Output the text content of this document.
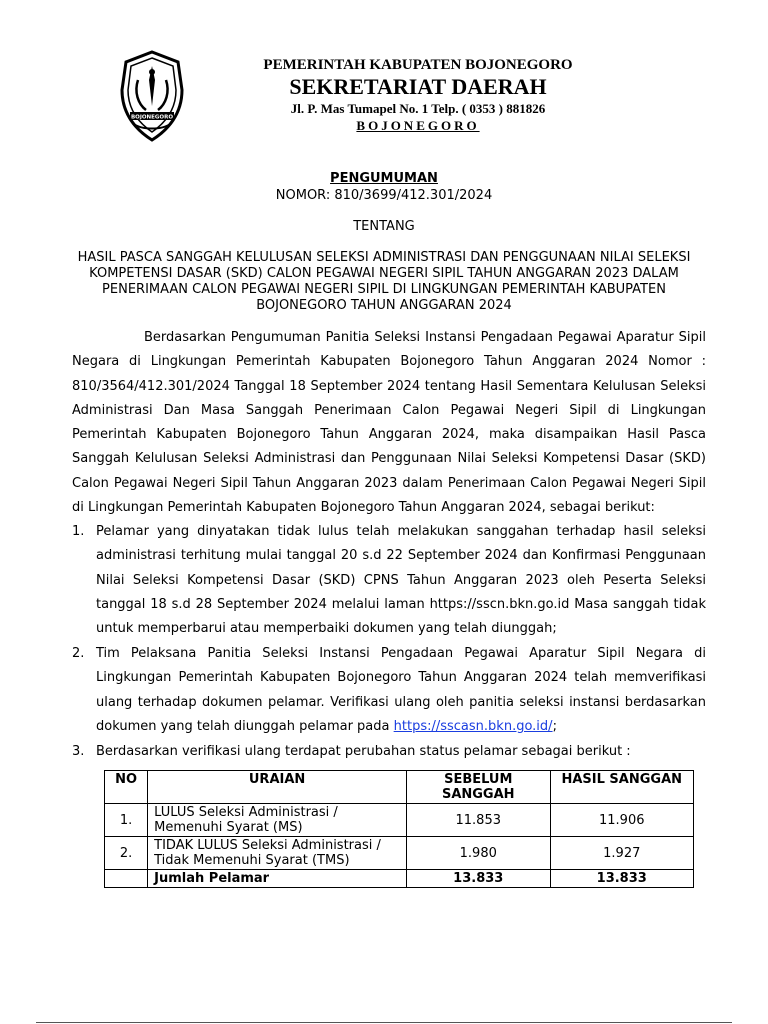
BOJONEGORO
PEMERINTAH KABUPATEN BOJONEGORO
SEKRETARIAT DAERAH
Jl. P. Mas Tumapel No. 1 Telp. ( 0353 ) 881826
BOJONEGORO
PENGUMUMAN
NOMOR: 810/3699/412.301/2024
TENTANG
HASIL PASCA SANGGAH KELULUSAN SELEKSI ADMINISTRASI DAN PENGGUNAAN NILAI SELEKSI KOMPETENSI DASAR (SKD) CALON PEGAWAI NEGERI SIPIL TAHUN ANGGARAN 2023 DALAM PENERIMAAN CALON PEGAWAI NEGERI SIPIL DI LINGKUNGAN PEMERINTAH KABUPATEN BOJONEGORO TAHUN ANGGARAN 2024

Berdasarkan Pengumuman Panitia Seleksi Instansi Pengadaan Pegawai Aparatur Sipil Negara di Lingkungan Pemerintah Kabupaten Bojonegoro Tahun Anggaran 2024 Nomor : 810/3564/412.301/2024 Tanggal 18 September 2024 tentang Hasil Sementara Kelulusan Seleksi Administrasi Dan Masa Sanggah Penerimaan Calon Pegawai Negeri Sipil di Lingkungan Pemerintah Kabupaten Bojonegoro Tahun Anggaran 2024, maka disampaikan Hasil Pasca Sanggah Kelulusan Seleksi Administrasi dan Penggunaan Nilai Seleksi Kompetensi Dasar (SKD) Calon Pegawai Negeri Sipil Tahun Anggaran 2023 dalam Penerimaan Calon Pegawai Negeri Sipil di Lingkungan Pemerintah Kabupaten Bojonegoro Tahun Anggaran 2024, sebagai berikut:

1. Pelamar yang dinyatakan tidak lulus telah melakukan sanggahan terhadap hasil seleksi administrasi terhitung mulai tanggal 20 s.d 22 September 2024 dan Konfirmasi Penggunaan Nilai Seleksi Kompetensi Dasar (SKD) CPNS Tahun Anggaran 2023 oleh Peserta Seleksi tanggal 18 s.d 28 September 2024 melalui laman https://sscn.bkn.go.id Masa sanggah tidak untuk memperbarui atau memperbaiki dokumen yang telah diunggah;
2. Tim Pelaksana Panitia Seleksi Instansi Pengadaan Pegawai Aparatur Sipil Negara di Lingkungan Pemerintah Kabupaten Bojonegoro Tahun Anggaran 2024 telah memverifikasi ulang terhadap dokumen pelamar. Verifikasi ulang oleh panitia seleksi instansi berdasarkan dokumen yang telah diunggah pelamar pada https://sscasn.bkn.go.id/;
3. Berdasarkan verifikasi ulang terdapat perubahan status pelamar sebagai berikut :
NO	URAIAN	SEBELUM SANGGAH	HASIL SANGGAN
1.	LULUS Seleksi Administrasi / Memenuhi Syarat (MS)	11.853	11.906
2.	TIDAK LULUS Seleksi Administrasi / Tidak Memenuhi Syarat (TMS)	1.980	1.927
	Jumlah Pelamar	13.833	13.833
